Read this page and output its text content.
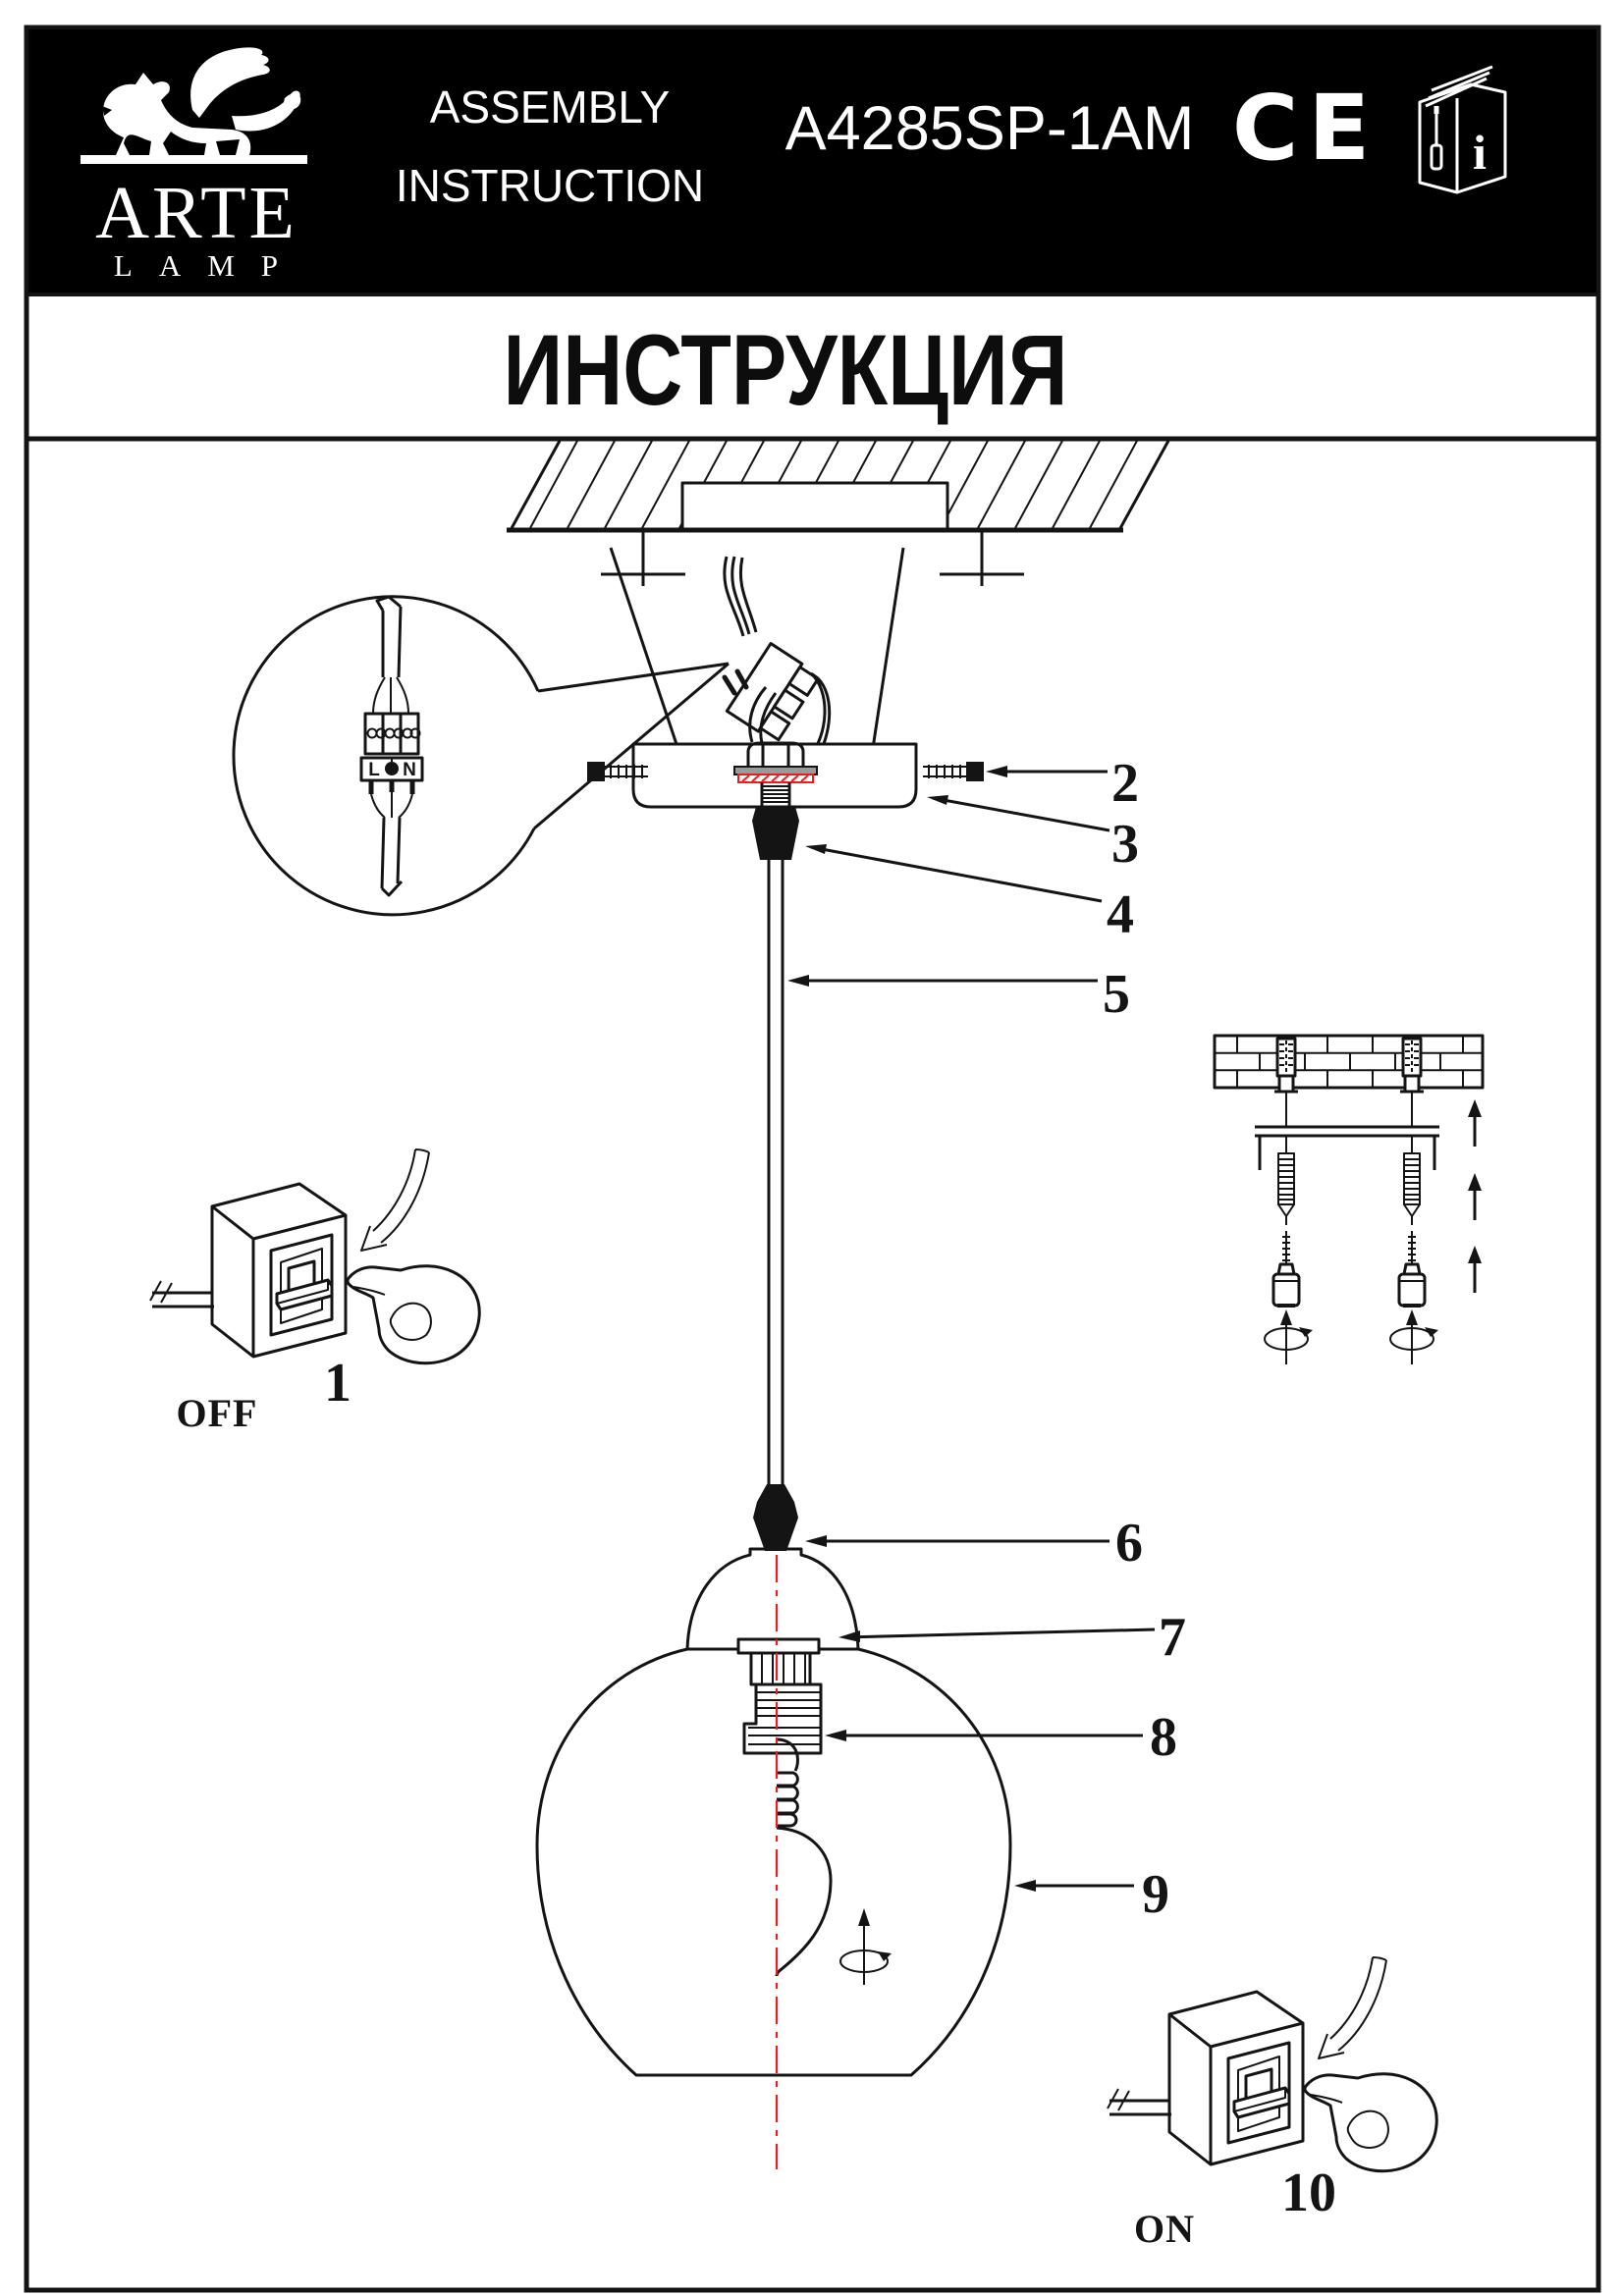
ARTE
LAMP
ASSEMBLY
INSTRUCTION
A4285SP-1AM CE i
ИНСТРУКЦИЯ
L N	2
3
4
5
6
7
8
9
1
OFF
10
ON
